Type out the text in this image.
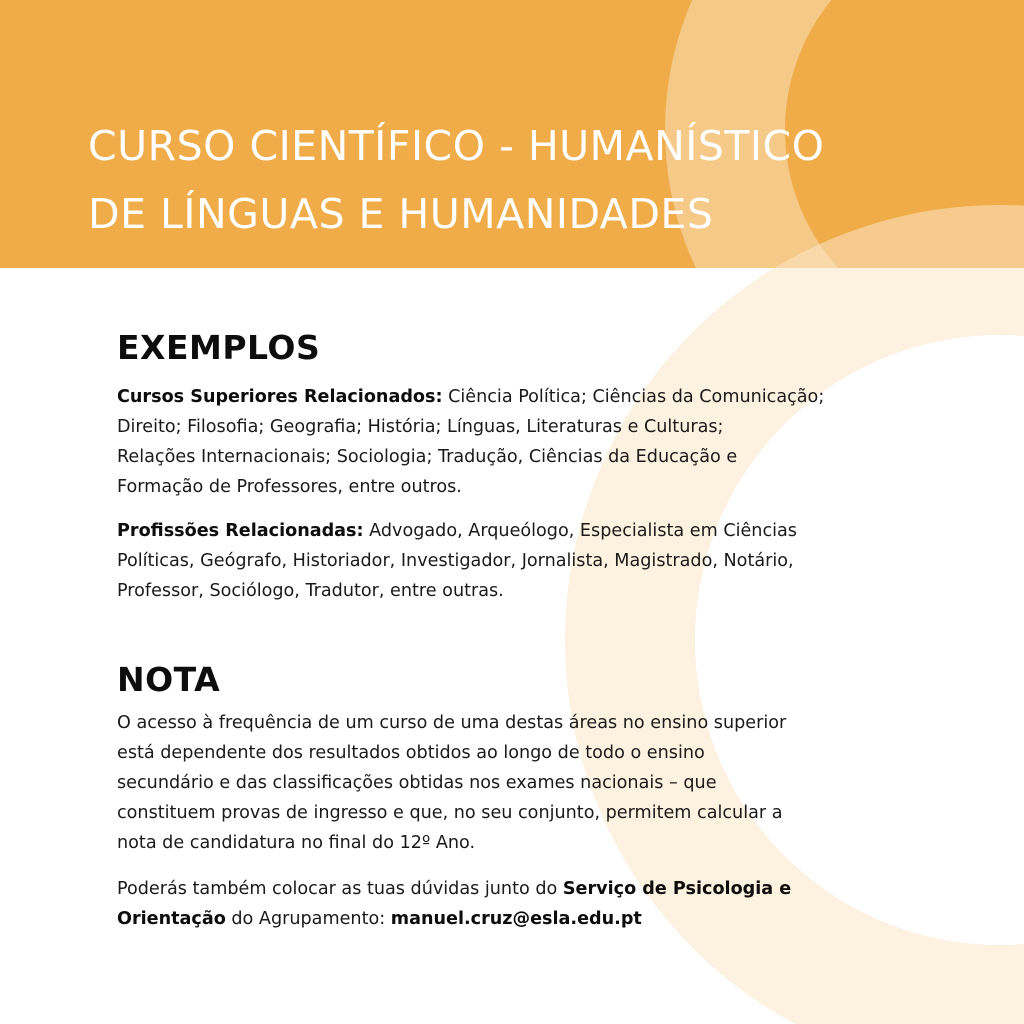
CURSO CIENTÍFICO - HUMANÍSTICO
DE LÍNGUAS E HUMANIDADES
EXEMPLOS

Cursos Superiores Relacionados: Ciência Política; Ciências da Comunicação;
Direito; Filosofia; Geografia; História; Línguas, Literaturas e Culturas;
Relações Internacionais; Sociologia; Tradução, Ciências da Educação e
Formação de Professores, entre outros.

Profissões Relacionadas: Advogado, Arqueólogo, Especialista em Ciências
Políticas, Geógrafo, Historiador, Investigador, Jornalista, Magistrado, Notário,
Professor, Sociólogo, Tradutor, entre outras.

NOTA

O acesso à frequência de um curso de uma destas áreas no ensino superior
está dependente dos resultados obtidos ao longo de todo o ensino
secundário e das classificações obtidas nos exames nacionais – que
constituem provas de ingresso e que, no seu conjunto, permitem calcular a
nota de candidatura no final do 12º Ano.

Poderás também colocar as tuas dúvidas junto do Serviço de Psicologia e
Orientação do Agrupamento: manuel.cruz@esla.edu.pt
